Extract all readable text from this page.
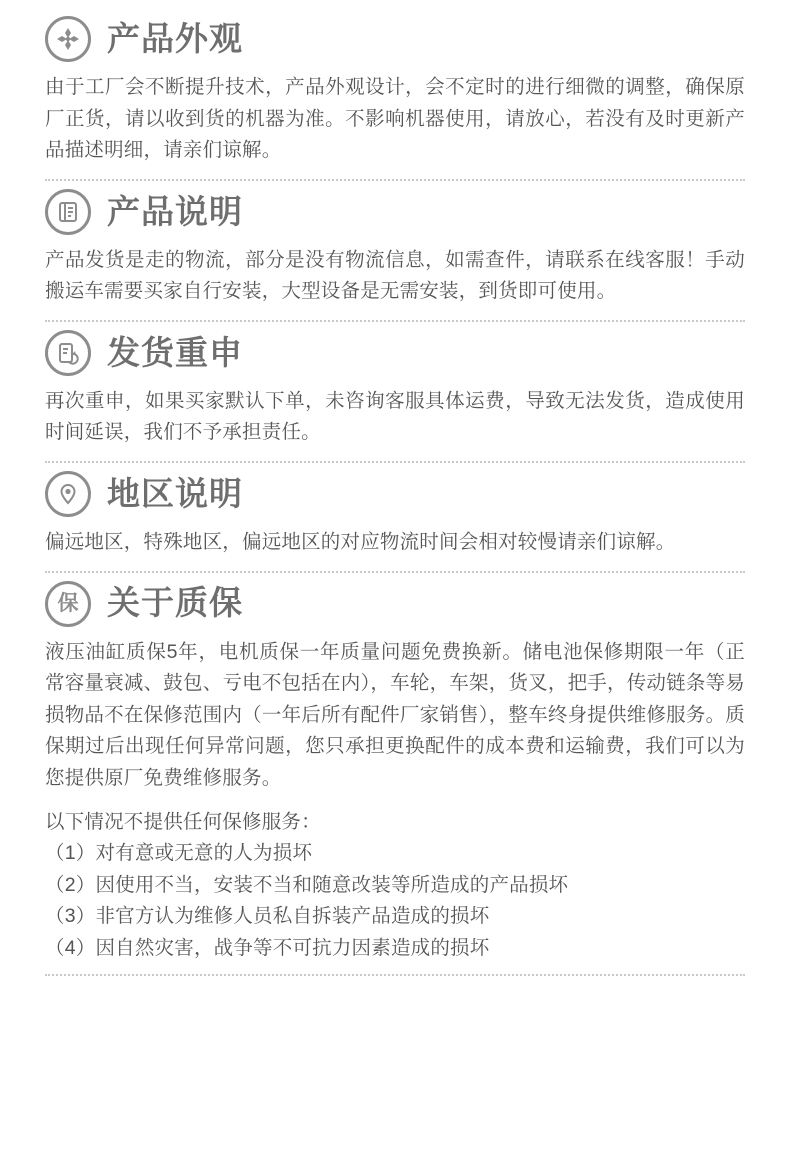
产品外观
由于工厂会不断提升技术，产品外观设计，会不定时的进行细微的调整，确保原厂正货，请以收到货的机器为准。不影响机器使用，请放心，若没有及时更新产品描述明细，请亲们谅解。
产品说明
产品发货是走的物流，部分是没有物流信息，如需查件，请联系在线客服！手动搬运车需要买家自行安装，大型设备是无需安装，到货即可使用。
发货重申
再次重申，如果买家默认下单，未咨询客服具体运费，导致无法发货，造成使用时间延误，我们不予承担责任。
地区说明
偏远地区，特殊地区，偏远地区的对应物流时间会相对较慢请亲们谅解。
保 关于质保
液压油缸质保5年，电机质保一年质量问题免费换新。储电池保修期限一年（正常容量衰减、鼓包、亏电不包括在内），车轮，车架，货叉，把手，传动链条等易损物品不在保修范围内（一年后所有配件厂家销售），整车终身提供维修服务。质保期过后出现任何异常问题，您只承担更换配件的成本费和运输费，我们可以为您提供原厂免费维修服务。
以下情况不提供任何保修服务：
（1）对有意或无意的人为损坏
（2）因使用不当，安装不当和随意改装等所造成的产品损坏
（3）非官方认为维修人员私自拆装产品造成的损坏
（4）因自然灾害，战争等不可抗力因素造成的损坏
